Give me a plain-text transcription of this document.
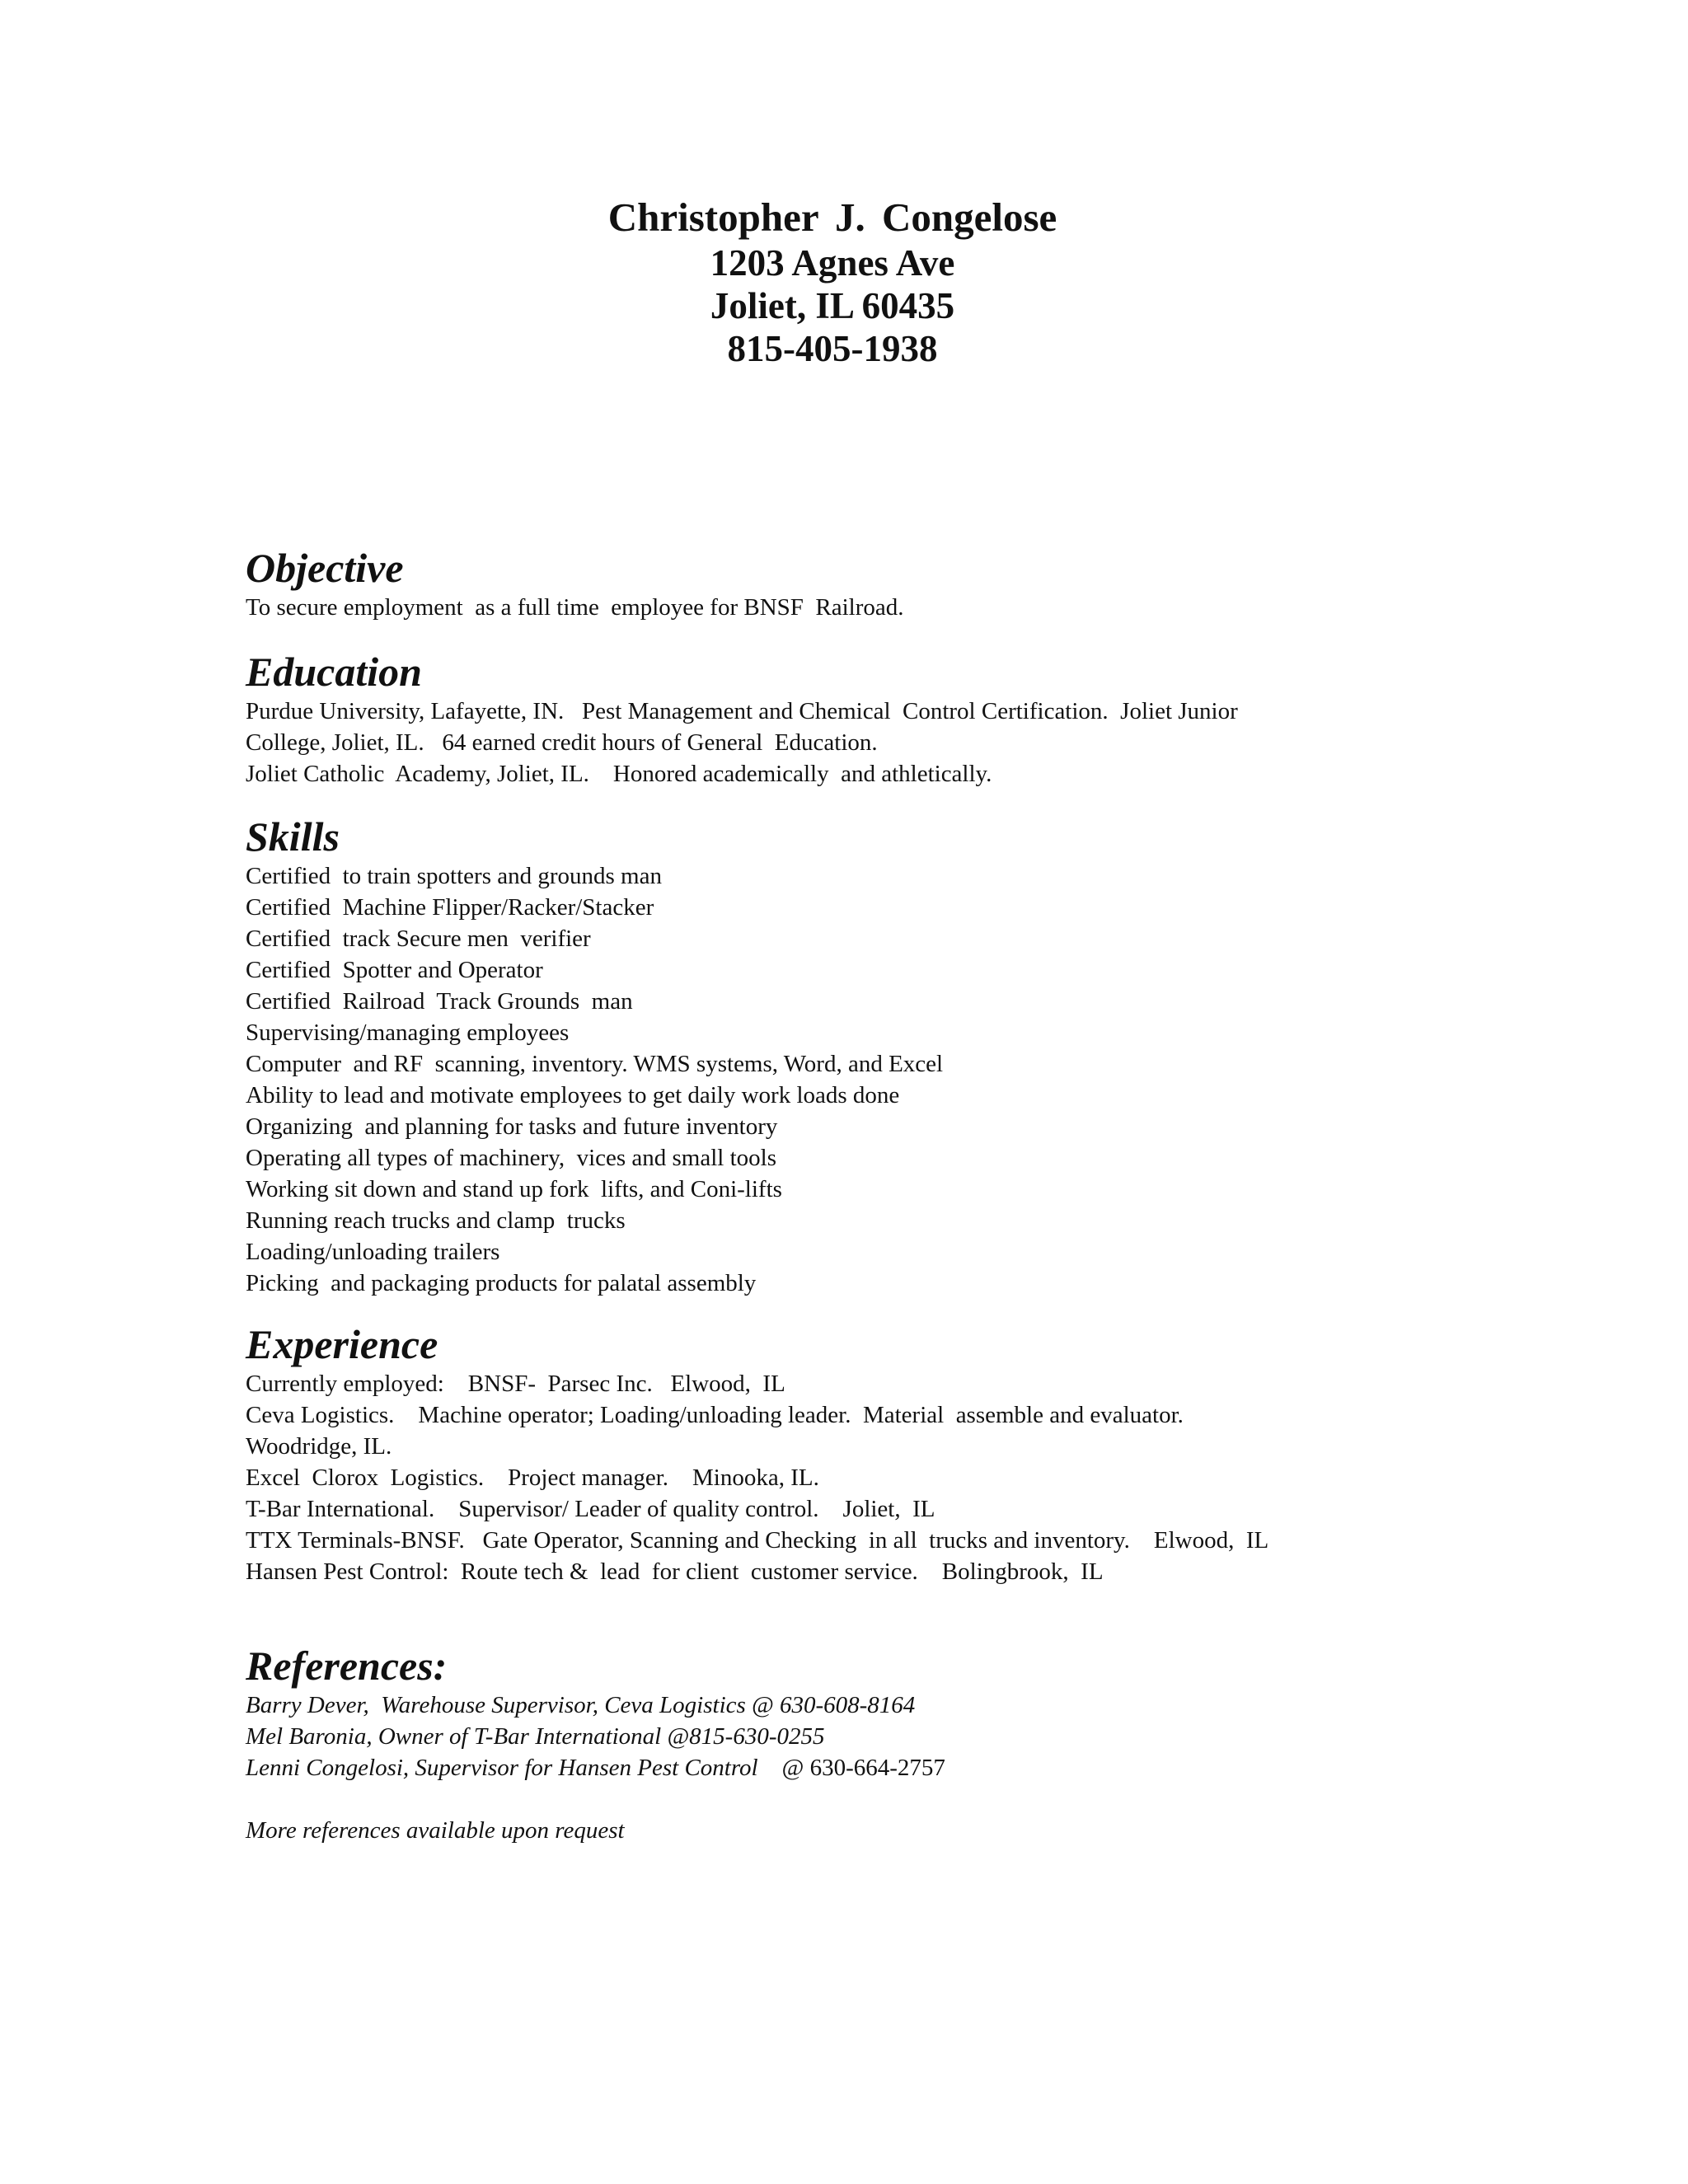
Christopher J. Congelose
1203 Agnes Ave
Joliet, IL 60435
815-405-1938
Objective

To secure employment  as a full time  employee for BNSF  Railroad.

Education

Purdue University, Lafayette, IN.   Pest Management and Chemical  Control Certification.  Joliet Junior

College, Joliet, IL.   64 earned credit hours of General  Education.

Joliet Catholic  Academy, Joliet, IL.    Honored academically  and athletically.

Skills

Certified  to train spotters and grounds man

Certified  Machine Flipper/Racker/Stacker

Certified  track Secure men  verifier

Certified  Spotter and Operator

Certified  Railroad  Track Grounds  man

Supervising/managing employees

Computer  and RF  scanning, inventory. WMS systems, Word, and Excel

Ability to lead and motivate employees to get daily work loads done

Organizing  and planning for tasks and future inventory

Operating all types of machinery,  vices and small tools

Working sit down and stand up fork  lifts, and Coni-lifts

Running reach trucks and clamp  trucks

Loading/unloading trailers

Picking  and packaging products for palatal assembly

Experience

Currently employed:    BNSF-  Parsec Inc.   Elwood,  IL

Ceva Logistics.    Machine operator; Loading/unloading leader.  Material  assemble and evaluator.

Woodridge, IL.

Excel  Clorox  Logistics.    Project manager.    Minooka, IL.

T-Bar International.    Supervisor/ Leader of quality control.    Joliet,  IL

TTX Terminals-BNSF.   Gate Operator, Scanning and Checking  in all  trucks and inventory.    Elwood,  IL

Hansen Pest Control:  Route tech &  lead  for client  customer service.    Bolingbrook,  IL

References:

Barry Dever,  Warehouse Supervisor, Ceva Logistics @ 630-608-8164

Mel Baronia, Owner of T-Bar International @815-630-0255

Lenni Congelosi, Supervisor for Hansen Pest Control    @ 630-664-2757

More references available upon request
